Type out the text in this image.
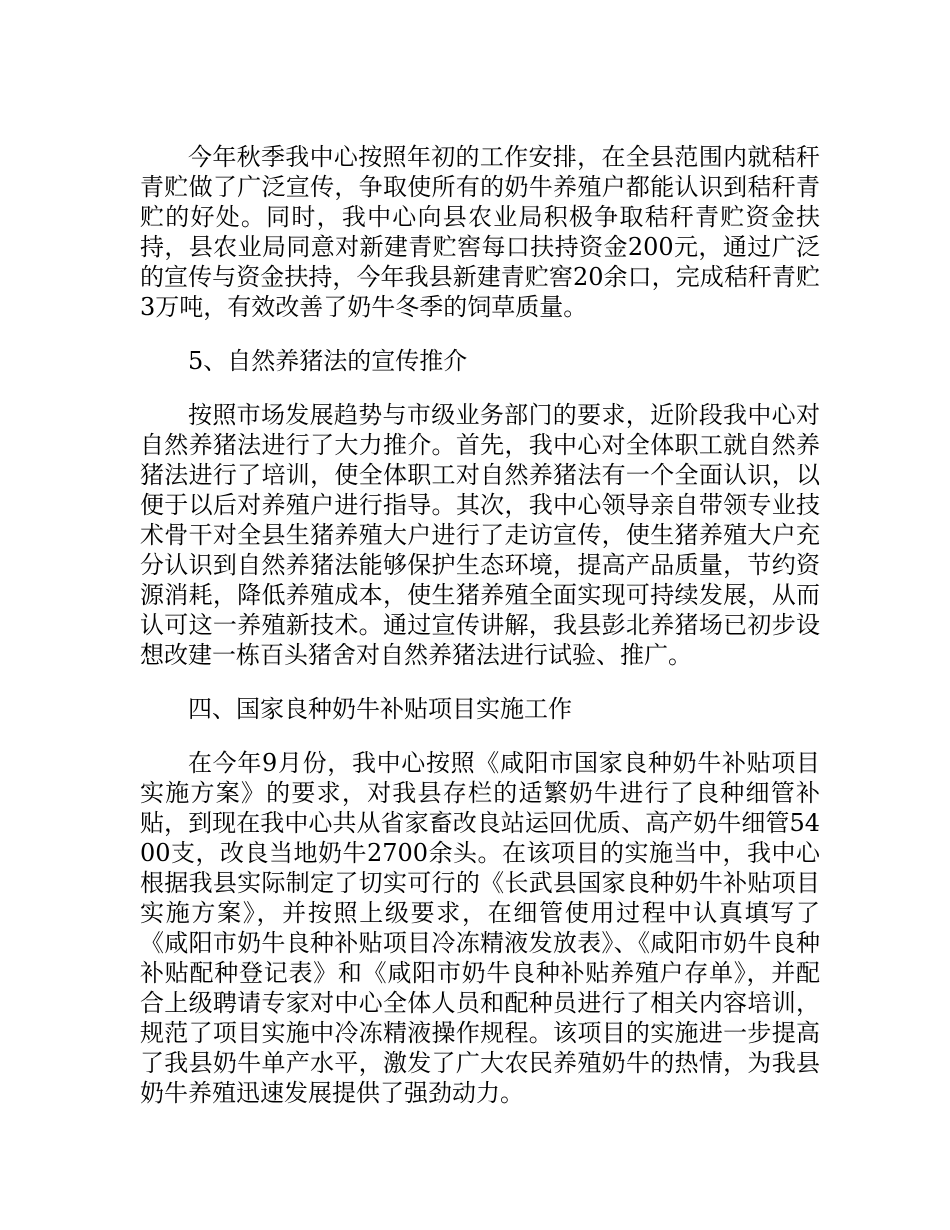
今年秋季我中心按照年初的工作安排，在全县范围内就秸秆青贮做了广泛宣传，争取使所有的奶牛养殖户都能认识到秸秆青贮的好处。同时，我中心向县农业局积极争取秸秆青贮资金扶持，县农业局同意对新建青贮窖每口扶持资金200元，通过广泛的宣传与资金扶持，今年我县新建青贮窖20余口，完成秸秆青贮3万吨，有效改善了奶牛冬季的饲草质量。

5、自然养猪法的宣传推介

按照市场发展趋势与市级业务部门的要求，近阶段我中心对自然养猪法进行了大力推介。首先，我中心对全体职工就自然养猪法进行了培训，使全体职工对自然养猪法有一个全面认识，以便于以后对养殖户进行指导。其次，我中心领导亲自带领专业技术骨干对全县生猪养殖大户进行了走访宣传，使生猪养殖大户充分认识到自然养猪法能够保护生态环境，提高产品质量，节约资源消耗，降低养殖成本，使生猪养殖全面实现可持续发展，从而认可这一养殖新技术。通过宣传讲解，我县彭北养猪场已初步设想改建一栋百头猪舍对自然养猪法进行试验、推广。

四、国家良种奶牛补贴项目实施工作

在今年9月份，我中心按照《咸阳市国家良种奶牛补贴项目实施方案》的要求，对我县存栏的适繁奶牛进行了良种细管补贴，到现在我中心共从省家畜改良站运回优质、高产奶牛细管5400支，改良当地奶牛2700余头。在该项目的实施当中，我中心根据我县实际制定了切实可行的《长武县国家良种奶牛补贴项目实施方案》，并按照上级要求，在细管使用过程中认真填写了《咸阳市奶牛良种补贴项目冷冻精液发放表》、《咸阳市奶牛良种补贴配种登记表》和《咸阳市奶牛良种补贴养殖户存单》，并配合上级聘请专家对中心全体人员和配种员进行了相关内容培训，规范了项目实施中冷冻精液操作规程。该项目的实施进一步提高了我县奶牛单产水平，激发了广大农民养殖奶牛的热情，为我县奶牛养殖迅速发展提供了强劲动力。
